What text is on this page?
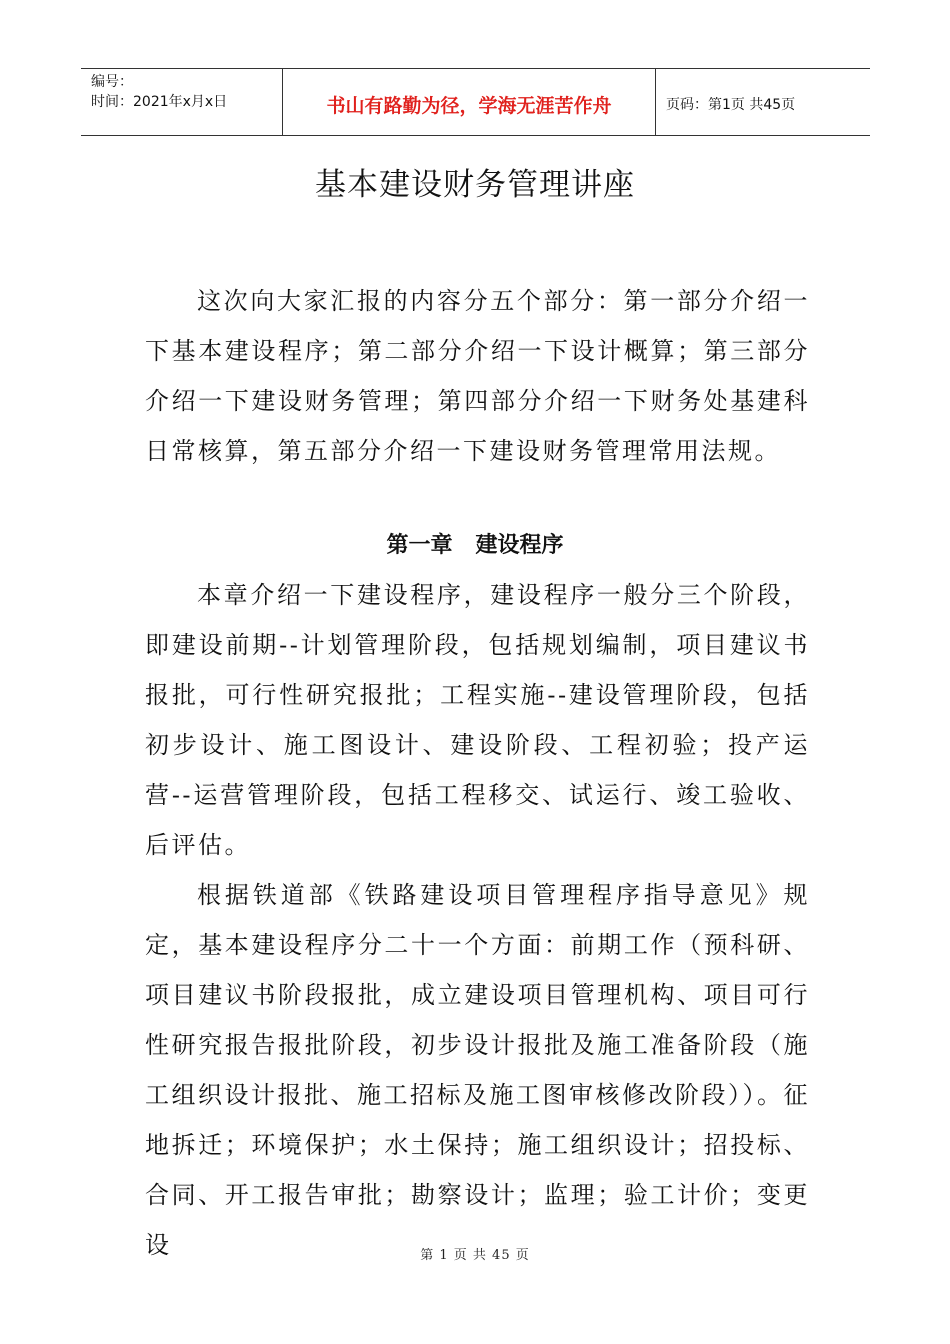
编号：
时间：2021年x月x日	书山有路勤为径，学海无涯苦作舟	页码：第1页 共45页
基本建设财务管理讲座

这次向大家汇报的内容分五个部分：第一部分介绍一下基本建设程序；第二部分介绍一下设计概算；第三部分介绍一下建设财务管理；第四部分介绍一下财务处基建科日常核算，第五部分介绍一下建设财务管理常用法规。

第一章   建设程序

本章介绍一下建设程序，建设程序一般分三个阶段，即建设前期--计划管理阶段，包括规划编制，项目建议书报批，可行性研究报批；工程实施--建设管理阶段，包括初步设计、施工图设计、建设阶段、工程初验；投产运营--运营管理阶段，包括工程移交、试运行、竣工验收、后评估。

根据铁道部《铁路建设项目管理程序指导意见》规定，基本建设程序分二十一个方面：前期工作（预科研、项目建议书阶段报批，成立建设项目管理机构、项目可行性研究报告报批阶段，初步设计报批及施工准备阶段（施工组织设计报批、施工招标及施工图审核修改阶段））。征地拆迁；环境保护；水土保持；施工组织设计；招投标、合同、开工报告审批；勘察设计；监理；验工计价；变更设	第 1 页 共 45 页
